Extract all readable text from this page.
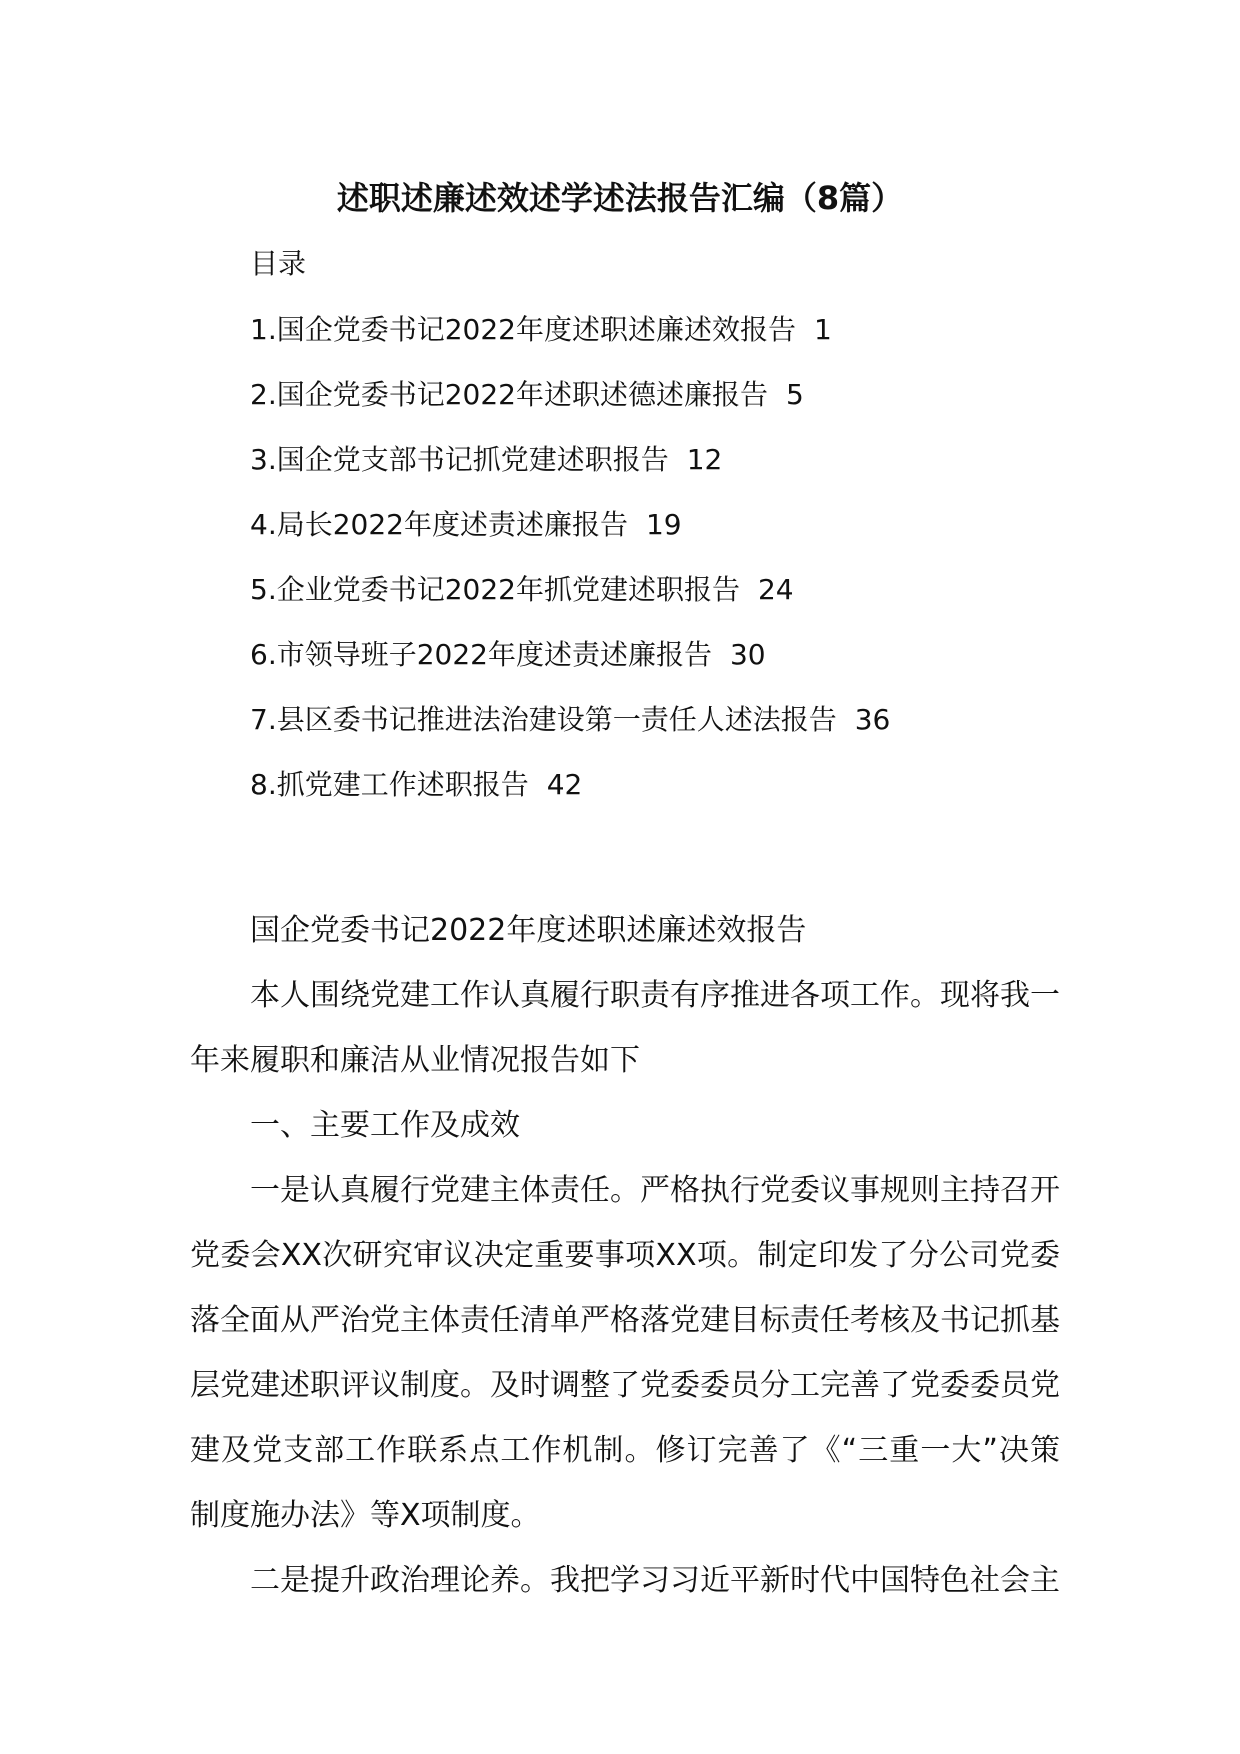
述职述廉述效述学述法报告汇编（8篇）
目录
1.国企党委书记2022年度述职述廉述效报告 1
2.国企党委书记2022年述职述德述廉报告 5
3.国企党支部书记抓党建述职报告 12
4.局长2022年度述责述廉报告 19
5.企业党委书记2022年抓党建述职报告 24
6.市领导班子2022年度述责述廉报告 30
7.县区委书记推进法治建设第一责任人述法报告 36
8.抓党建工作述职报告 42

国企党委书记2022年度述职述廉述效报告

本人围绕党建工作认真履行职责有序推进各项工作。现将我一年来履职和廉洁从业情况报告如下

一、主要工作及成效

一是认真履行党建主体责任。严格执行党委议事规则主持召开党委会XX次研究审议决定重要事项XX项。制定印发了分公司党委落全面从严治党主体责任清单严格落党建目标责任考核及书记抓基层党建述职评议制度。及时调整了党委委员分工完善了党委委员党建及党支部工作联系点工作机制。修订完善了《“三重一大”决策制度施办法》等X项制度。

二是提升政治理论养。我把学习习近平新时代中国特色社会主
